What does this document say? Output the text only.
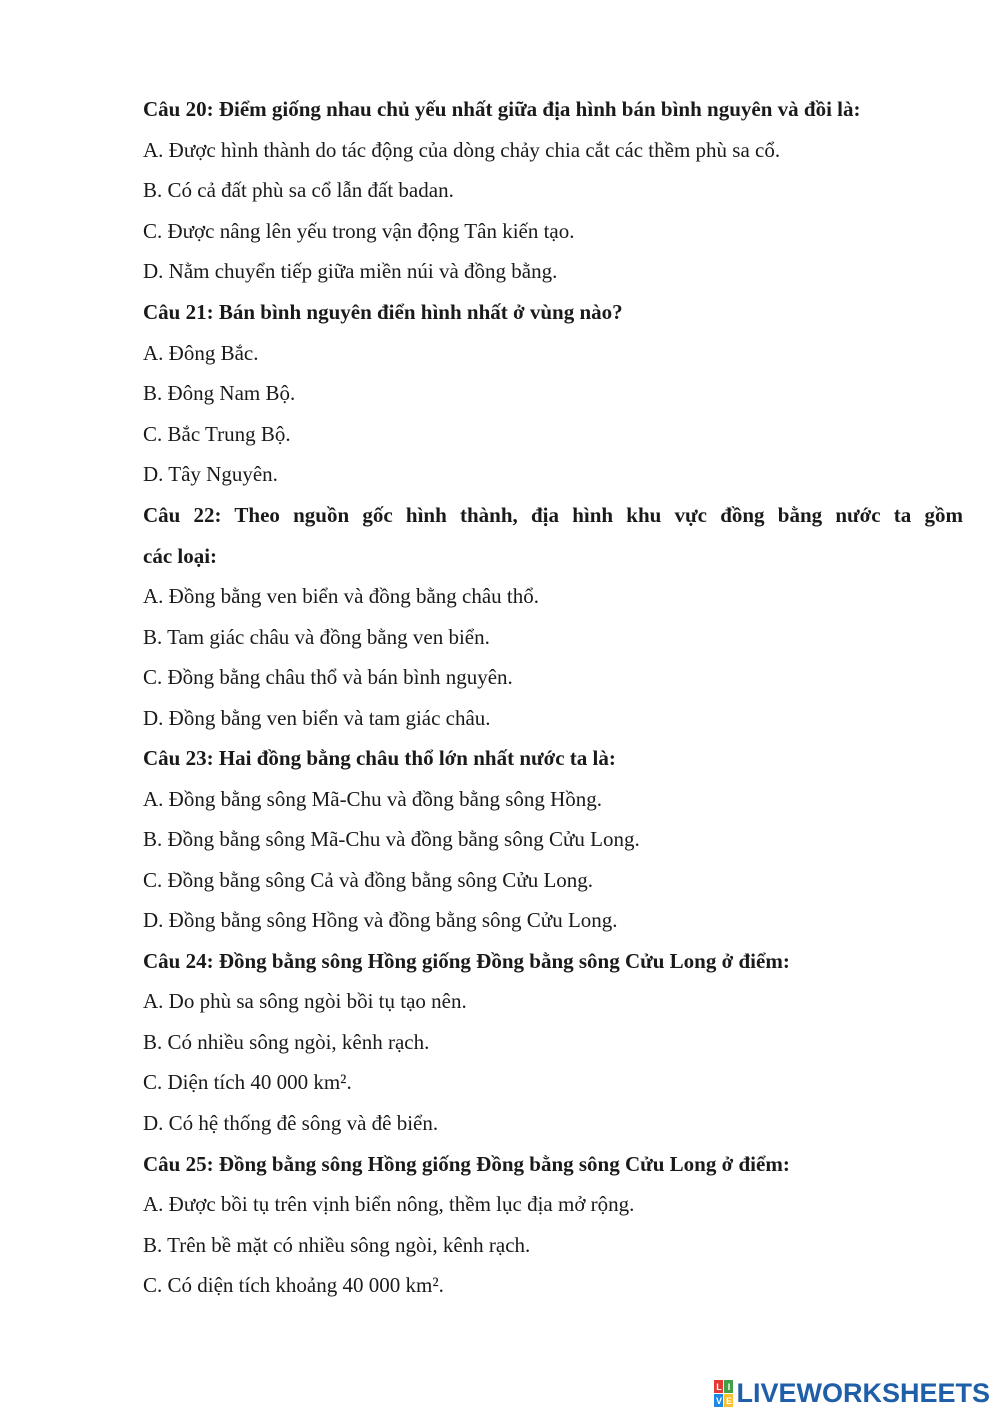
Câu 20: Điểm giống nhau chủ yếu nhất giữa địa hình bán bình nguyên và đồi là:
A. Được hình thành do tác động của dòng chảy chia cắt các thềm phù sa cổ.
B. Có cả đất phù sa cổ lẫn đất badan.
C. Được nâng lên yếu trong vận động Tân kiến tạo.
D. Nằm chuyển tiếp giữa miền núi và đồng bằng.
Câu 21: Bán bình nguyên điển hình nhất ở vùng nào?
A. Đông Bắc.
B. Đông Nam Bộ.
C. Bắc Trung Bộ.
D. Tây Nguyên.
Câu 22: Theo nguồn gốc hình thành, địa hình khu vực đồng bằng nước ta gồm
các loại:
A. Đồng bằng ven biển và đồng bằng châu thổ.
B. Tam giác châu và đồng bằng ven biển.
C. Đồng bằng châu thổ và bán bình nguyên.
D. Đồng bằng ven biển và tam giác châu.
Câu 23: Hai đồng bằng châu thổ lớn nhất nước ta là:
A. Đồng bằng sông Mã-Chu và đồng bằng sông Hồng.
B. Đồng bằng sông Mã-Chu và đồng bằng sông Cửu Long.
C. Đồng bằng sông Cả và đồng bằng sông Cửu Long.
D. Đồng bằng sông Hồng và đồng bằng sông Cửu Long.
Câu 24: Đồng bằng sông Hồng giống Đồng bằng sông Cửu Long ở điểm:
A. Do phù sa sông ngòi bồi tụ tạo nên.
B. Có nhiều sông ngòi, kênh rạch.
C. Diện tích 40 000 km².
D. Có hệ thống đê sông và đê biển.
Câu 25: Đồng bằng sông Hồng giống Đồng bằng sông Cửu Long ở điểm:
A. Được bồi tụ trên vịnh biển nông, thềm lục địa mở rộng.
B. Trên bề mặt có nhiều sông ngòi, kênh rạch.
C. Có diện tích khoảng 40 000 km².
L I
V E LIVEWORKSHEETS
